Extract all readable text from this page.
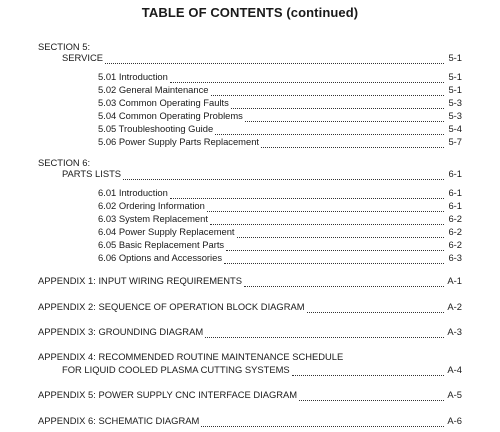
TABLE OF CONTENTS (continued)
SECTION 5:
SERVICE	5-1
5.01 Introduction	5-1
5.02 General Maintenance	5-1
5.03 Common Operating Faults	5-3
5.04 Common Operating Problems	5-3
5.05 Troubleshooting Guide	5-4
5.06 Power Supply Parts Replacement	5-7
SECTION 6:
PARTS LISTS	6-1
6.01 Introduction	6-1
6.02 Ordering Information	6-1
6.03 System Replacement	6-2
6.04 Power Supply Replacement	6-2
6.05 Basic Replacement Parts	6-2
6.06 Options and Accessories	6-3
APPENDIX 1: INPUT WIRING REQUIREMENTS	A-1
APPENDIX 2: SEQUENCE OF OPERATION BLOCK DIAGRAM	A-2
APPENDIX 3: GROUNDING DIAGRAM	A-3
APPENDIX 4: RECOMMENDED ROUTINE MAINTENANCE SCHEDULE
FOR LIQUID COOLED PLASMA CUTTING SYSTEMS	A-4
APPENDIX 5: POWER SUPPLY CNC INTERFACE DIAGRAM	A-5
APPENDIX 6: SCHEMATIC DIAGRAM	A-6
